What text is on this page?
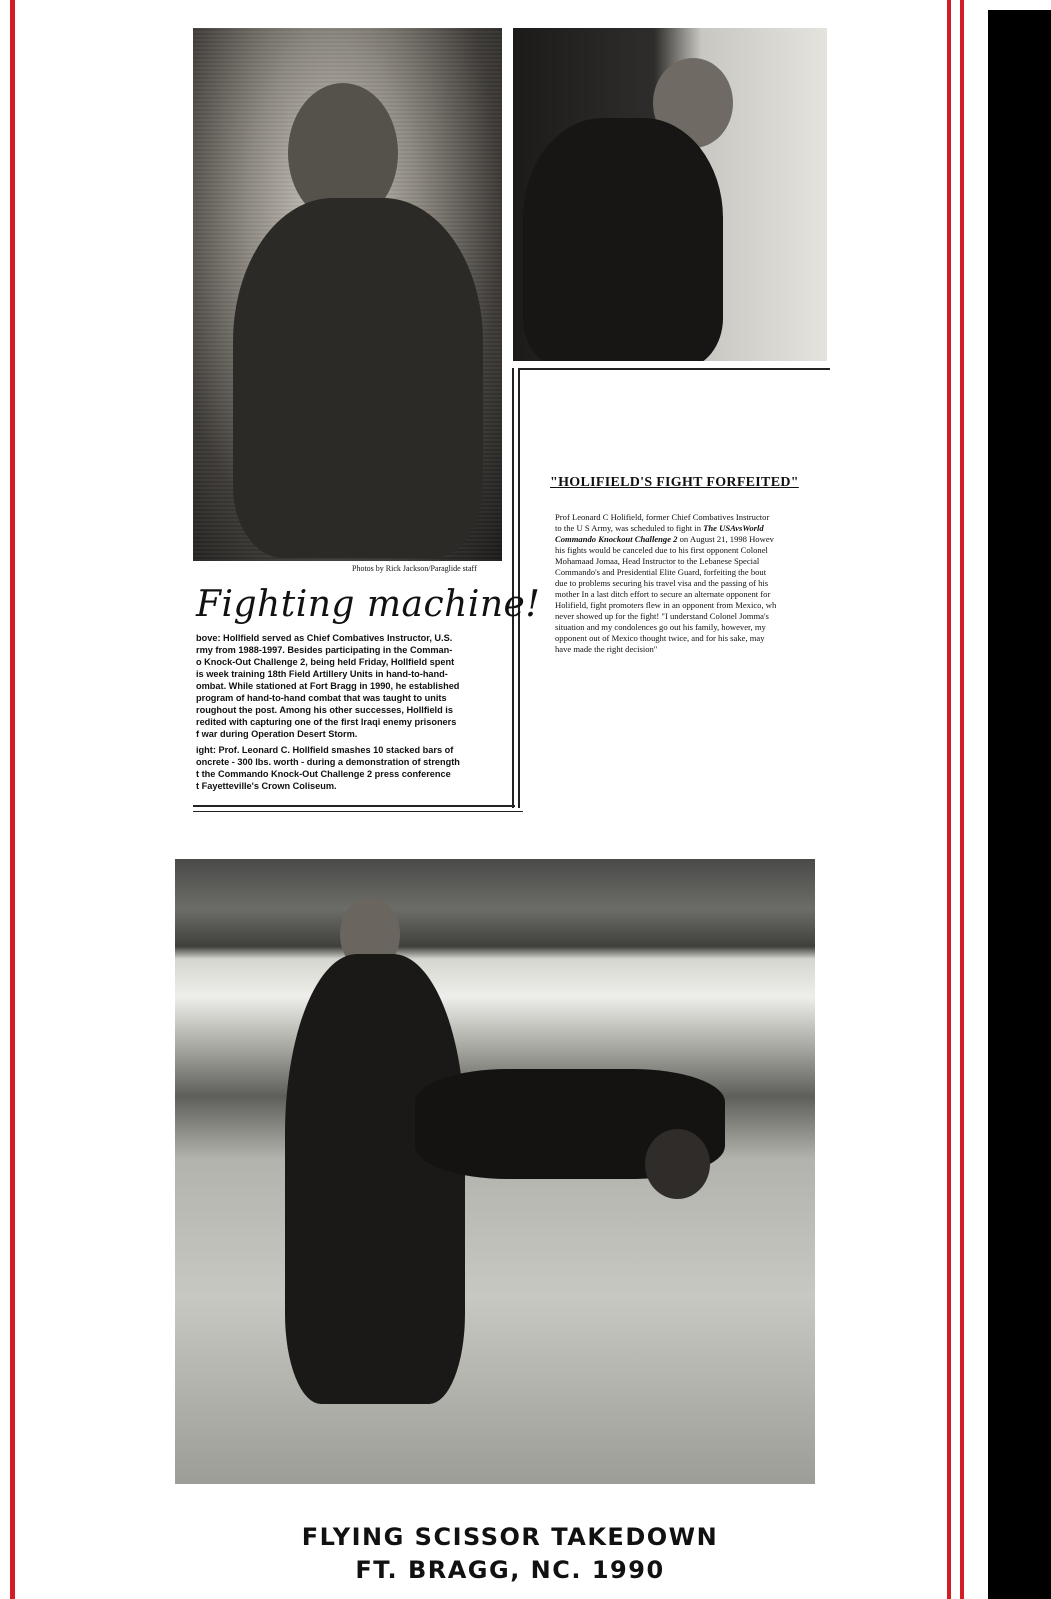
Photos by Rick Jackson/Paraglide staff
Fighting machine!
bove: Hollfield served as Chief Combatives Instructor, U.S.
rmy from 1988-1997. Besides participating in the Comman-
o Knock-Out Challenge 2, being held Friday, Hollfield spent
is week training 18th Field Artillery Units in hand-to-hand-
ombat. While stationed at Fort Bragg in 1990, he established
program of hand-to-hand combat that was taught to units
roughout the post. Among his other successes, Hollfield is
redited with capturing one of the first Iraqi enemy prisoners
f war during Operation Desert Storm.
ight: Prof. Leonard C. Hollfield smashes 10 stacked bars of
oncrete - 300 lbs. worth - during a demonstration of strength
t the Commando Knock-Out Challenge 2 press conference
t Fayetteville's Crown Coliseum.
"HOLIFIELD'S FIGHT FORFEITED"
Prof Leonard C Holifield, former Chief Combatives Instructor
to the U S Army, was scheduled to fight in The USAvsWorld
Commando Knockout Challenge 2 on August 21, 1998 Howev
his fights would be canceled due to his first opponent Colonel
Mohamaad Jomaa, Head Instructor to the Lebanese Special
Commando's and Presidential Elite Guard, forfeiting the bout
due to problems securing his travel visa and the passing of his
mother In a last ditch effort to secure an alternate opponent for
Holifield, fight promoters flew in an opponent from Mexico, wh
never showed up for the fight! "I understand Colonel Jomma's
situation and my condolences go out his family, however, my
opponent out of Mexico thought twice, and for his sake, may
have made the right decision"
FLYING SCISSOR TAKEDOWN
FT. BRAGG, NC. 1990
